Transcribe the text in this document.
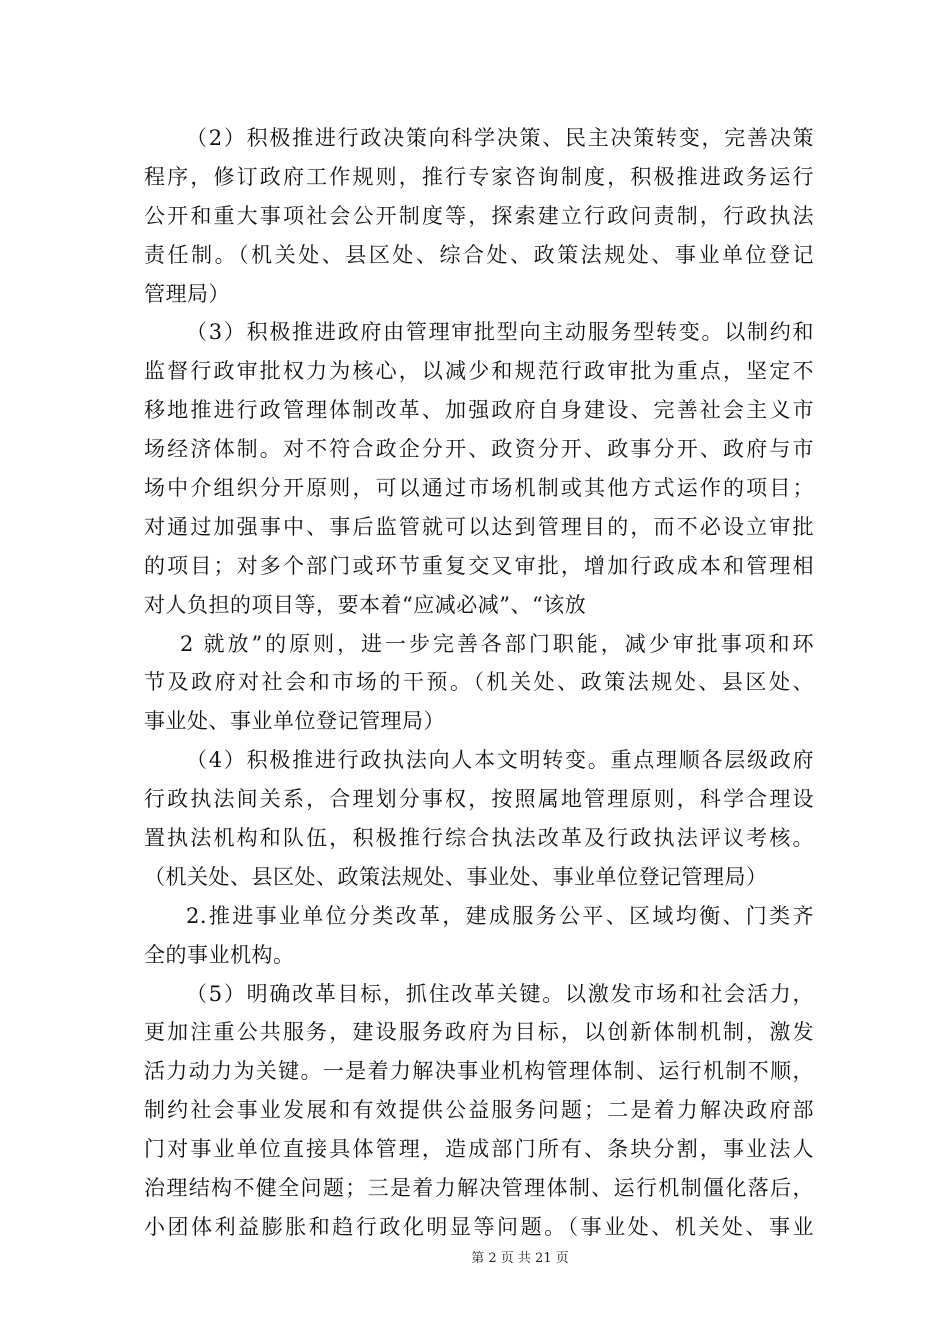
（2）积极推进行政决策向科学决策、民主决策转变，完善决策
程序，修订政府工作规则，推行专家咨询制度，积极推进政务运行
公开和重大事项社会公开制度等，探索建立行政问责制，行政执法
责任制。（机关处、县区处、综合处、政策法规处、事业单位登记
管理局）
（3）积极推进政府由管理审批型向主动服务型转变。以制约和
监督行政审批权力为核心，以减少和规范行政审批为重点，坚定不
移地推进行政管理体制改革、加强政府自身建设、完善社会主义市
场经济体制。对不符合政企分开、政资分开、政事分开、政府与市
场中介组织分开原则，可以通过市场机制或其他方式运作的项目；
对通过加强事中、事后监管就可以达到管理目的，而不必设立审批
的项目；对多个部门或环节重复交叉审批，增加行政成本和管理相
对人负担的项目等，要本着“应减必减”、“该放
2 就放”的原则，进一步完善各部门职能，减少审批事项和环
节及政府对社会和市场的干预。（机关处、政策法规处、县区处、
事业处、事业单位登记管理局）
（4）积极推进行政执法向人本文明转变。重点理顺各层级政府
行政执法间关系，合理划分事权，按照属地管理原则，科学合理设
置执法机构和队伍，积极推行综合执法改革及行政执法评议考核。
（机关处、县区处、政策法规处、事业处、事业单位登记管理局）
2.推进事业单位分类改革，建成服务公平、区域均衡、门类齐
全的事业机构。
（5）明确改革目标，抓住改革关键。以激发市场和社会活力，
更加注重公共服务，建设服务政府为目标，以创新体制机制，激发
活力动力为关键。一是着力解决事业机构管理体制、运行机制不顺，
制约社会事业发展和有效提供公益服务问题；二是着力解决政府部
门对事业单位直接具体管理，造成部门所有、条块分割，事业法人
治理结构不健全问题；三是着力解决管理体制、运行机制僵化落后，
小团体利益膨胀和趋行政化明显等问题。（事业处、机关处、事业
第 2 页 共 21 页
